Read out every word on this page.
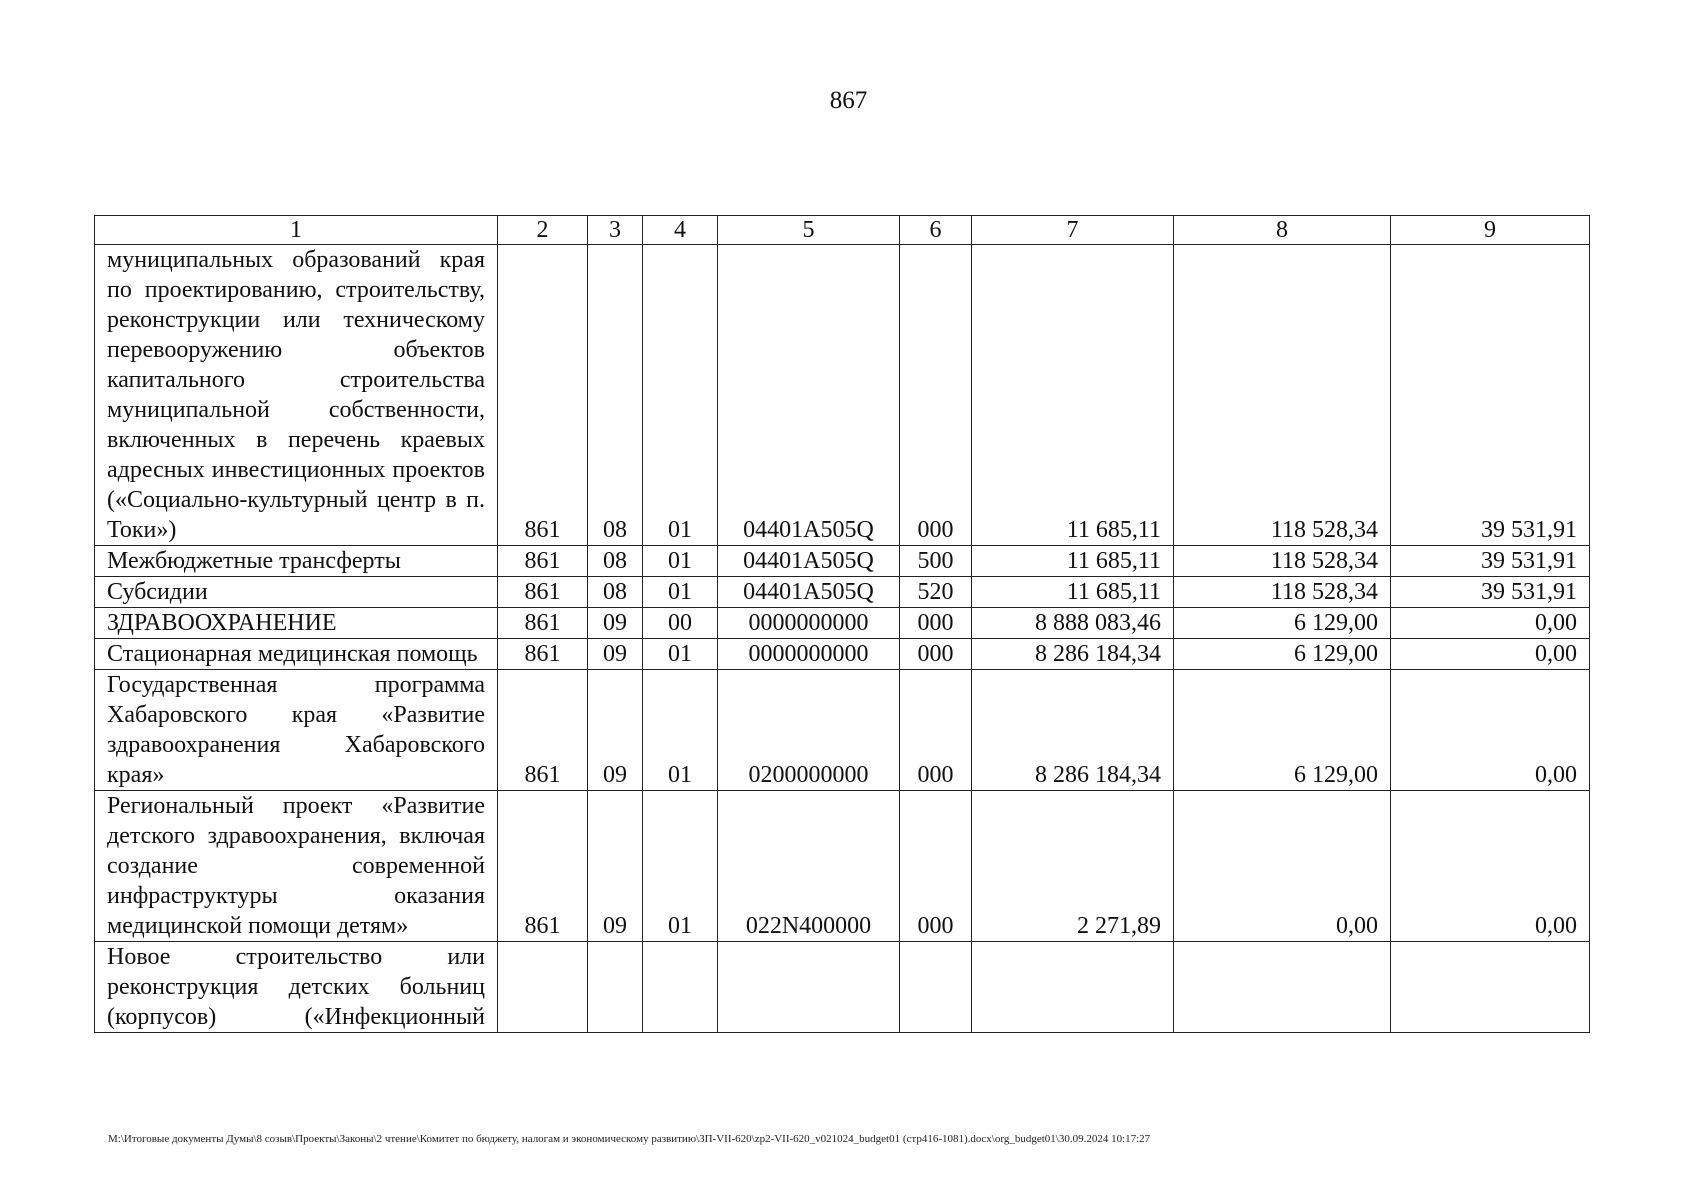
867
1	2	3	4	5	6	7	8	9
муниципальных образований края по проектированию, строительству, реконструкции или техническому перевооружению объектов капитального строительства муниципальной собственности, включенных в перечень краевых адресных инвестиционных проектов («Социально-культурный центр в п. Токи»)	861	08	01	04401А505Q	000	11 685,11	118 528,34	39 531,91
Межбюджетные трансферты	861	08	01	04401А505Q	500	11 685,11	118 528,34	39 531,91
Субсидии	861	08	01	04401А505Q	520	11 685,11	118 528,34	39 531,91
ЗДРАВООХРАНЕНИЕ	861	09	00	0000000000	000	8 888 083,46	6 129,00	0,00
Стационарная медицинская помощь	861	09	01	0000000000	000	8 286 184,34	6 129,00	0,00
Государственная программа Хабаровского края «Развитие здравоохранения Хабаровского края»	861	09	01	0200000000	000	8 286 184,34	6 129,00	0,00
Региональный проект «Развитие детского здравоохранения, включая создание современной инфраструктуры оказания медицинской помощи детям»	861	09	01	022N400000	000	2 271,89	0,00	0,00
Новое строительство или реконструкция детских больниц (корпусов) («Инфекционный								
M:\Итоговые документы Думы\8 созыв\Проекты\Законы\2 чтение\Комитет по бюджету, налогам и экономическому развитию\ЗП-VII-620\zp2-VII-620_v021024_budget01 (стр416-1081).docx\org_budget01\30.09.2024 10:17:27
